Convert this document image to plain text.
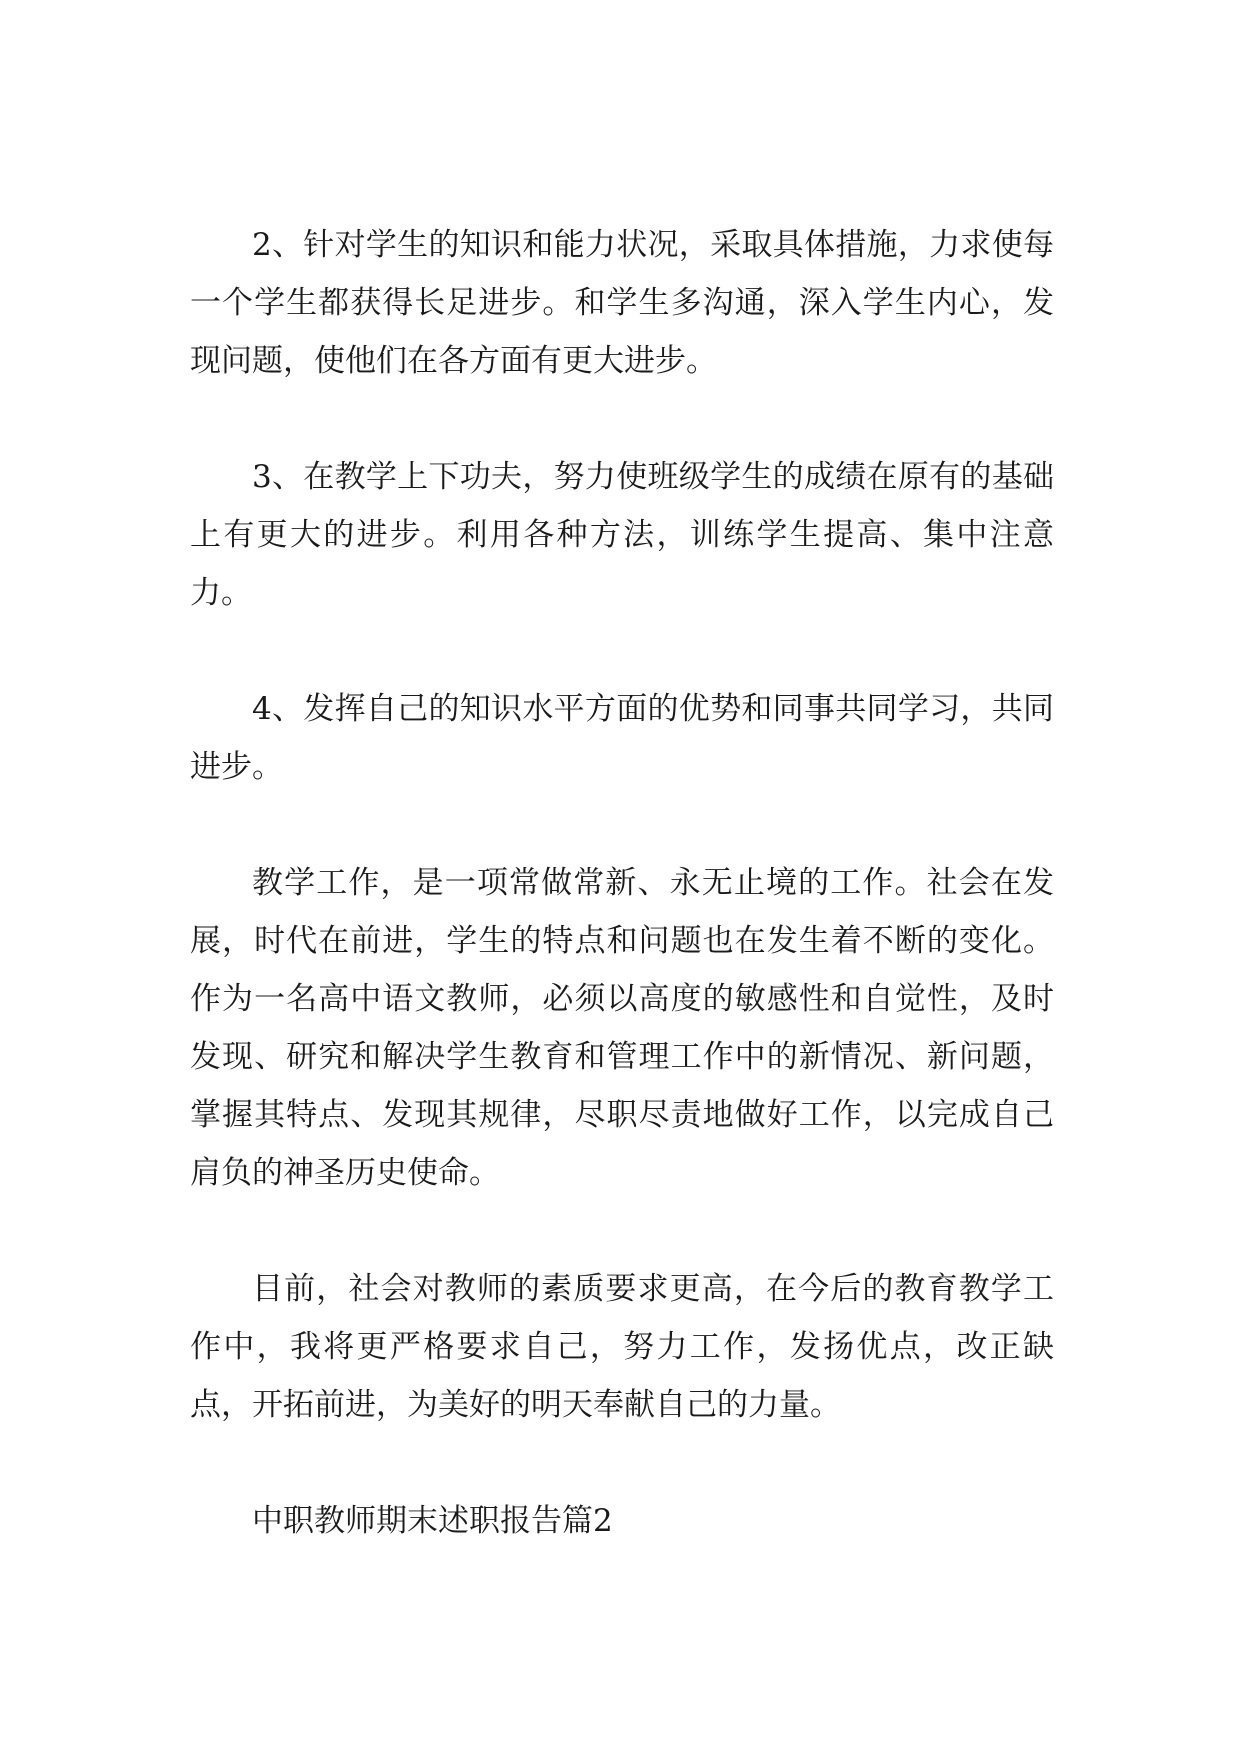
2、针对学生的知识和能力状况，采取具体措施，力求使每一个学生都获得长足进步。和学生多沟通，深入学生内心，发现问题，使他们在各方面有更大进步。

3、在教学上下功夫，努力使班级学生的成绩在原有的基础上有更大的进步。利用各种方法，训练学生提高、集中注意力。

4、发挥自己的知识水平方面的优势和同事共同学习，共同进步。

教学工作，是一项常做常新、永无止境的工作。社会在发展，时代在前进，学生的特点和问题也在发生着不断的变化。作为一名高中语文教师，必须以高度的敏感性和自觉性，及时发现、研究和解决学生教育和管理工作中的新情况、新问题，掌握其特点、发现其规律，尽职尽责地做好工作，以完成自己肩负的神圣历史使命。

目前，社会对教师的素质要求更高，在今后的教育教学工作中，我将更严格要求自己，努力工作，发扬优点，改正缺点，开拓前进，为美好的明天奉献自己的力量。

中职教师期末述职报告篇2
